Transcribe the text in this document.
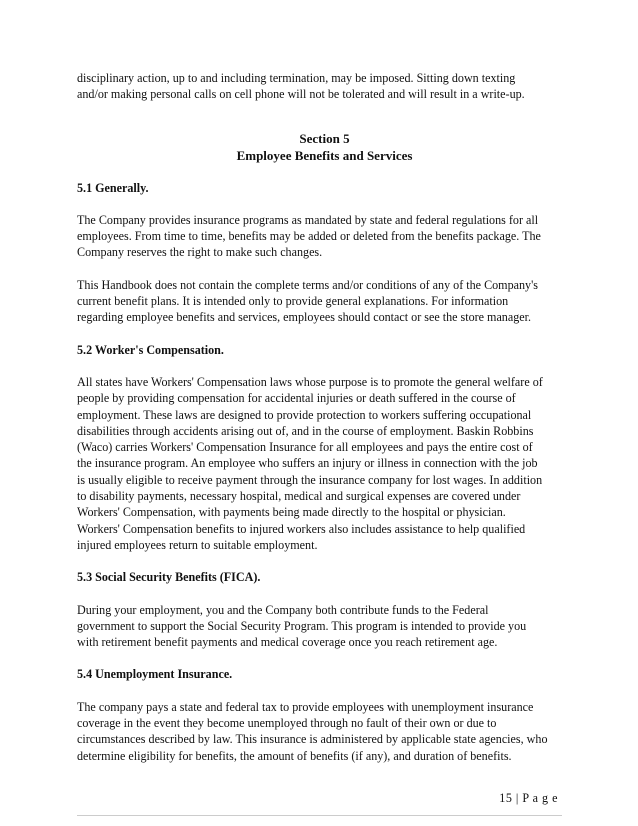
disciplinary action, up to and including termination, may be imposed. Sitting down texting
and/or making personal calls on cell phone will not be tolerated and will result in a write-up.

Section 5
Employee Benefits and Services

5.1 Generally.

The Company provides insurance programs as mandated by state and federal regulations for all
employees. From time to time, benefits may be added or deleted from the benefits package. The
Company reserves the right to make such changes.

This Handbook does not contain the complete terms and/or conditions of any of the Company's
current benefit plans. It is intended only to provide general explanations. For information
regarding employee benefits and services, employees should contact or see the store manager.

5.2 Worker's Compensation.

All states have Workers' Compensation laws whose purpose is to promote the general welfare of
people by providing compensation for accidental injuries or death suffered in the course of
employment. These laws are designed to provide protection to workers suffering occupational
disabilities through accidents arising out of, and in the course of employment. Baskin Robbins
(Waco) carries Workers' Compensation Insurance for all employees and pays the entire cost of
the insurance program. An employee who suffers an injury or illness in connection with the job
is usually eligible to receive payment through the insurance company for lost wages. In addition
to disability payments, necessary hospital, medical and surgical expenses are covered under
Workers' Compensation, with payments being made directly to the hospital or physician.
Workers' Compensation benefits to injured workers also includes assistance to help qualified
injured employees return to suitable employment.

5.3 Social Security Benefits (FICA).

During your employment, you and the Company both contribute funds to the Federal
government to support the Social Security Program. This program is intended to provide you
with retirement benefit payments and medical coverage once you reach retirement age.

5.4 Unemployment Insurance.

The company pays a state and federal tax to provide employees with unemployment insurance
coverage in the event they become unemployed through no fault of their own or due to
circumstances described by law. This insurance is administered by applicable state agencies, who
determine eligibility for benefits, the amount of benefits (if any), and duration of benefits.

15 | P a g e
